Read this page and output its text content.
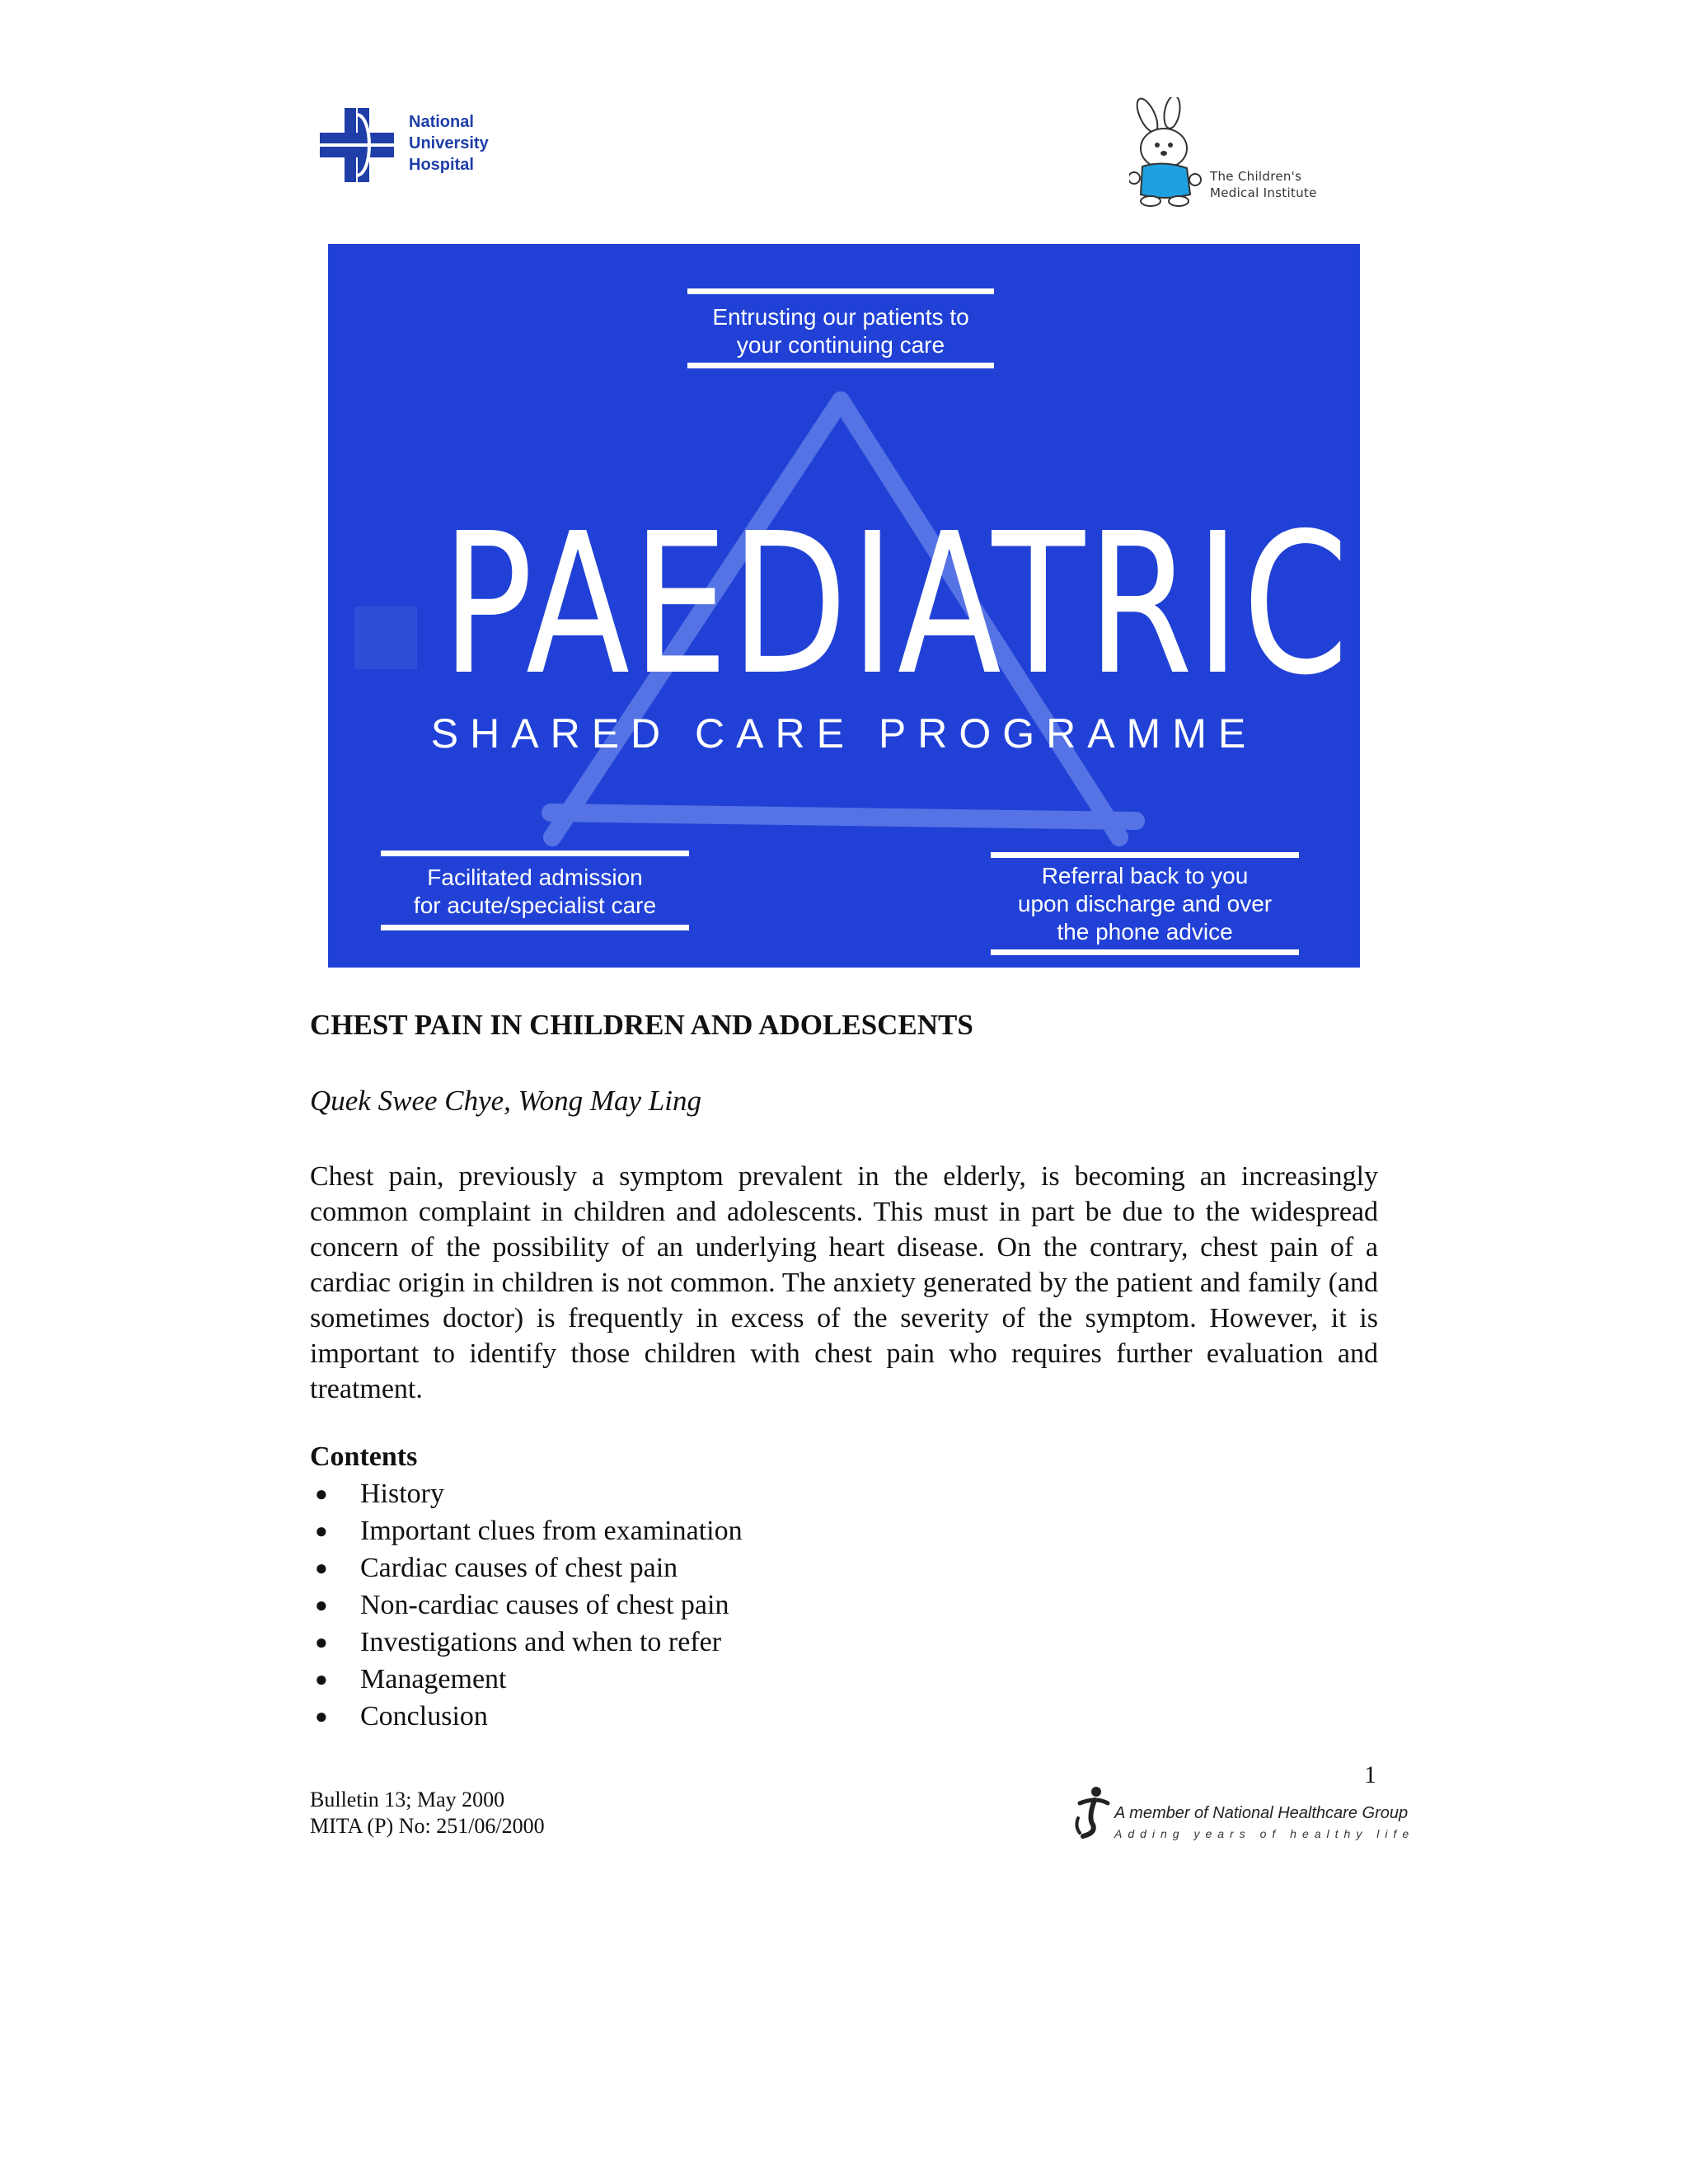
National
University
Hospital
The Children's
Medical Institute
Entrusting our patients to
your continuing care
PAEDIATRIC
SHARED CARE PROGRAMME
Facilitated admission
for acute/specialist care
Referral back to you
upon discharge and over
the phone advice
CHEST PAIN IN CHILDREN AND ADOLESCENTS
Quek Swee Chye, Wong May Ling
Chest pain, previously a symptom prevalent in the elderly, is becoming an increasingly common complaint in children and adolescents. This must in part be due to the widespread concern of the possibility of an underlying heart disease. On the contrary, chest pain of a cardiac origin in children is not common. The anxiety generated by the patient and family (and sometimes doctor) is frequently in excess of the severity of the symptom. However, it is important to identify those children with chest pain who requires further evaluation and treatment.
Contents
● History
● Important clues from examination
● Cardiac causes of chest pain
● Non-cardiac causes of chest pain
● Investigations and when to refer
● Management
● Conclusion
1
Bulletin 13; May 2000
MITA (P) No: 251/06/2000
A member of National Healthcare Group
Adding years of healthy life
